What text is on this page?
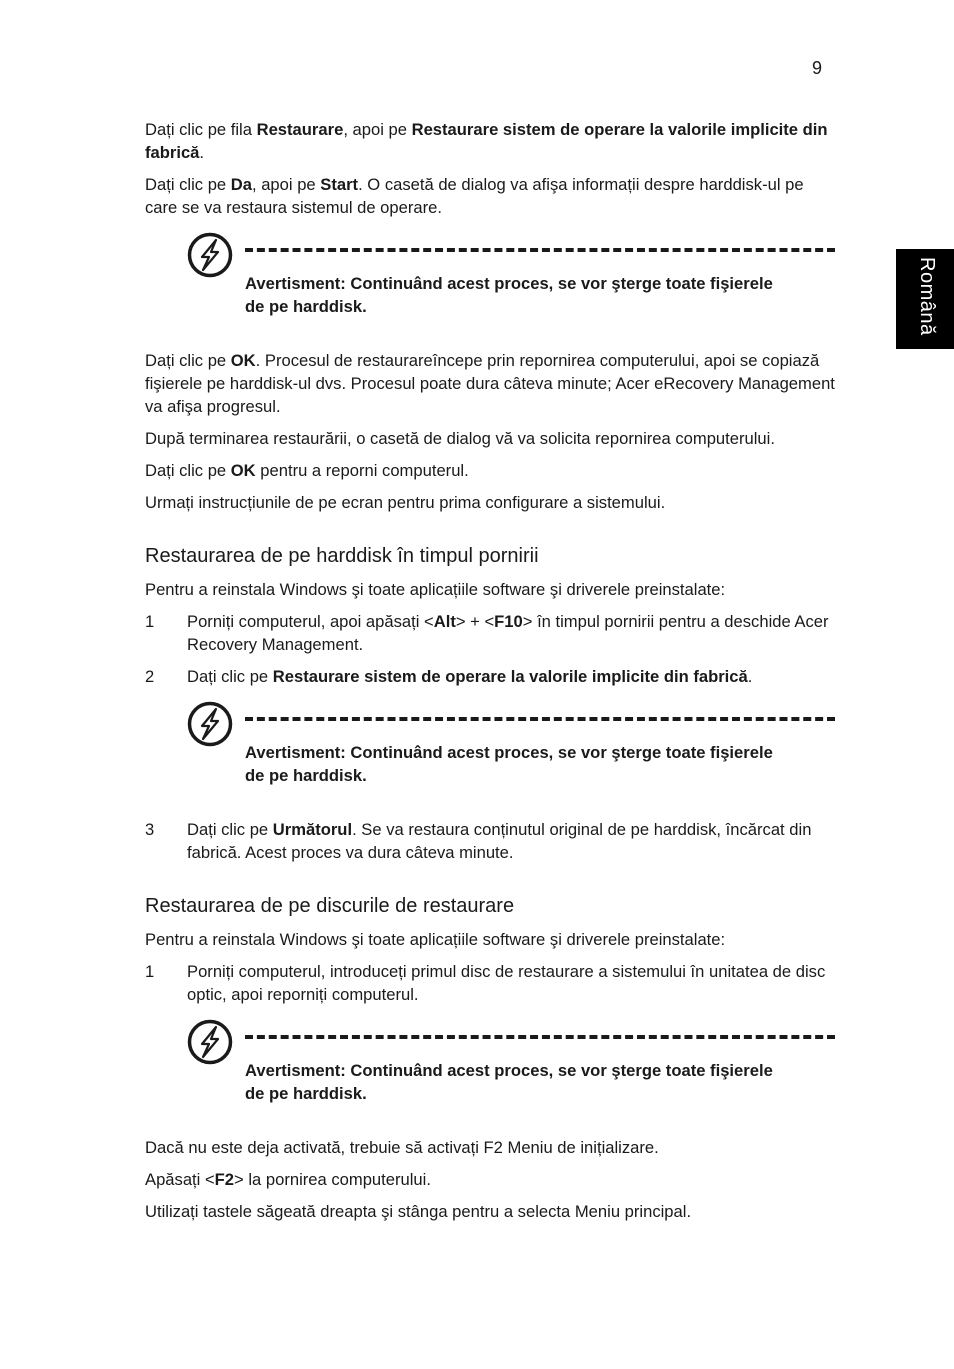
9
Română

Dați clic pe fila Restaurare, apoi pe Restaurare sistem de operare la valorile implicite din fabrică.

Dați clic pe Da, apoi pe Start. O casetă de dialog va afişa informații despre harddisk-ul pe care se va restaura sistemul de operare.

Avertisment: Continuând acest proces, se vor şterge toate fişierele de pe harddisk.

Dați clic pe OK. Procesul de restaurareîncepe prin repornirea computerului, apoi se copiază fişierele pe harddisk-ul dvs. Procesul poate dura câteva minute; Acer eRecovery Management va afişa progresul.

După terminarea restaurării, o casetă de dialog vă va solicita repornirea computerului.

Dați clic pe OK pentru a reporni computerul.

Urmați instrucțiunile de pe ecran pentru prima configurare a sistemului.

Restaurarea de pe harddisk în timpul pornirii

Pentru a reinstala Windows şi toate aplicațiile software şi driverele preinstalate:

1	Porniți computerul, apoi apăsați <Alt> + <F10> în timpul pornirii pentru a deschide Acer Recovery Management.
2	Dați clic pe Restaurare sistem de operare la valorile implicite din fabrică.

Avertisment: Continuând acest proces, se vor şterge toate fişierele de pe harddisk.

3	Dați clic pe Următorul. Se va restaura conținutul original de pe harddisk, încărcat din fabrică. Acest proces va dura câteva minute.
Restaurarea de pe discurile de restaurare

Pentru a reinstala Windows şi toate aplicațiile software şi driverele preinstalate:

1	Porniți computerul, introduceți primul disc de restaurare a sistemului în unitatea de disc optic, apoi reporniți computerul.

Avertisment: Continuând acest proces, se vor şterge toate fişierele de pe harddisk.

Dacă nu este deja activată, trebuie să activați F2 Meniu de inițializare.

Apăsați <F2> la pornirea computerului.

Utilizați tastele săgeată dreapta şi stânga pentru a selecta Meniu principal.
